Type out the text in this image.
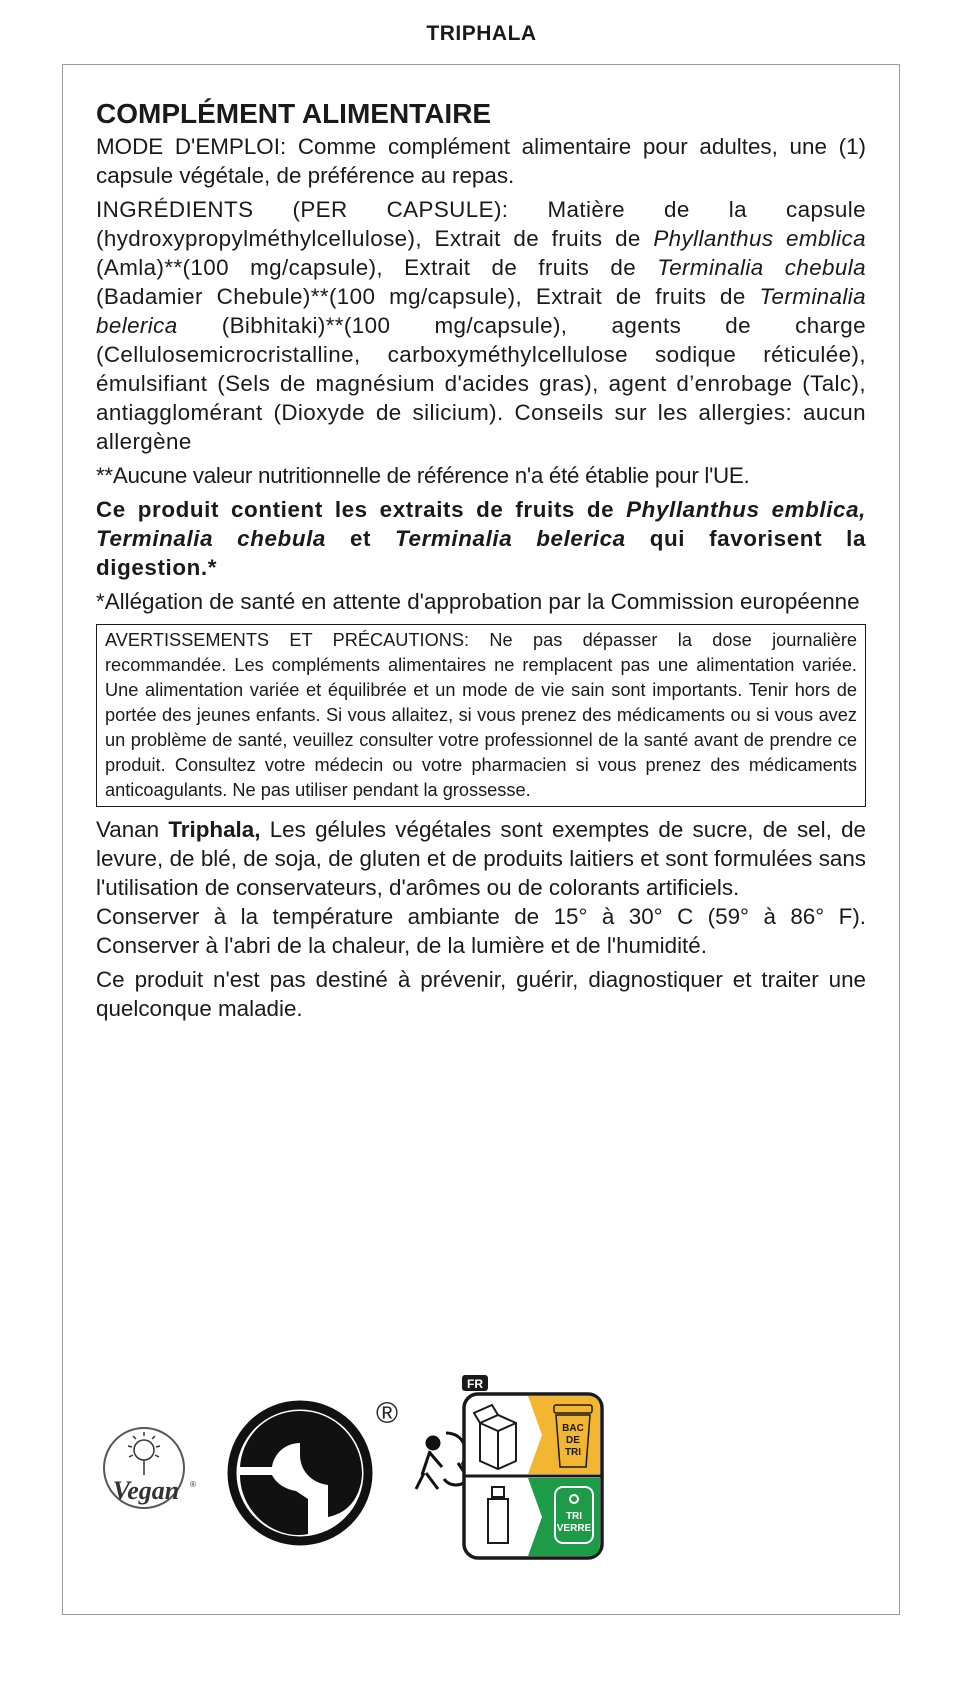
TRIPHALA

COMPLÉMENT ALIMENTAIRE

MODE D'EMPLOI: Comme complément alimentaire pour adultes, une (1) capsule végétale, de préférence au repas.

INGRÉDIENTS (PER CAPSULE): Matière de la capsule (hydroxypropylméthylcellulose), Extrait de fruits de Phyllanthus emblica (Amla)**(100 mg/capsule), Extrait de fruits de Terminalia chebula (Badamier Chebule)**(100 mg/capsule), Extrait de fruits de Terminalia belerica (Bibhitaki)**(100 mg/capsule), agents de charge (Cellulosemicrocristalline, carboxyméthylcellulose sodique réticulée), émulsifiant (Sels de magnésium d'acides gras), agent d’enrobage (Talc), antiagglomérant (Dioxyde de silicium). Conseils sur les allergies: aucun allergène

**Aucune valeur nutritionnelle de référence n'a été établie pour l'UE.

Ce produit contient les extraits de fruits de Phyllanthus emblica, Terminalia chebula et Terminalia belerica qui favorisent la digestion.*

*Allégation de santé en attente d'approbation par la Commission européenne

AVERTISSEMENTS ET PRÉCAUTIONS: Ne pas dépasser la dose journalière recommandée. Les compléments alimentaires ne remplacent pas une alimentation variée. Une alimentation variée et équilibrée et un mode de vie sain sont importants. Tenir hors de portée des jeunes enfants. Si vous allaitez, si vous prenez des médicaments ou si vous avez un problème de santé, veuillez consulter votre professionnel de la santé avant de prendre ce produit. Consultez votre médecin ou votre pharmacien si vous prenez des médicaments anticoagulants. Ne pas utiliser pendant la grossesse.

Vanan Triphala, Les gélules végétales sont exemptes de sucre, de sel, de levure, de blé, de soja, de gluten et de produits laitiers et sont formulées sans l'utilisation de conservateurs, d'arômes ou de colorants artificiels.

Conserver à la température ambiante de 15° à 30° C (59° à 86° F). Conserver à l'abri de la chaleur, de la lumière et de l'humidité.

Ce produit n'est pas destiné à prévenir, guérir, diagnostiquer et traiter une quelconque maladie.

Vegan ®
®
FR
BAC
DE
TRI
TRI
VERRE
